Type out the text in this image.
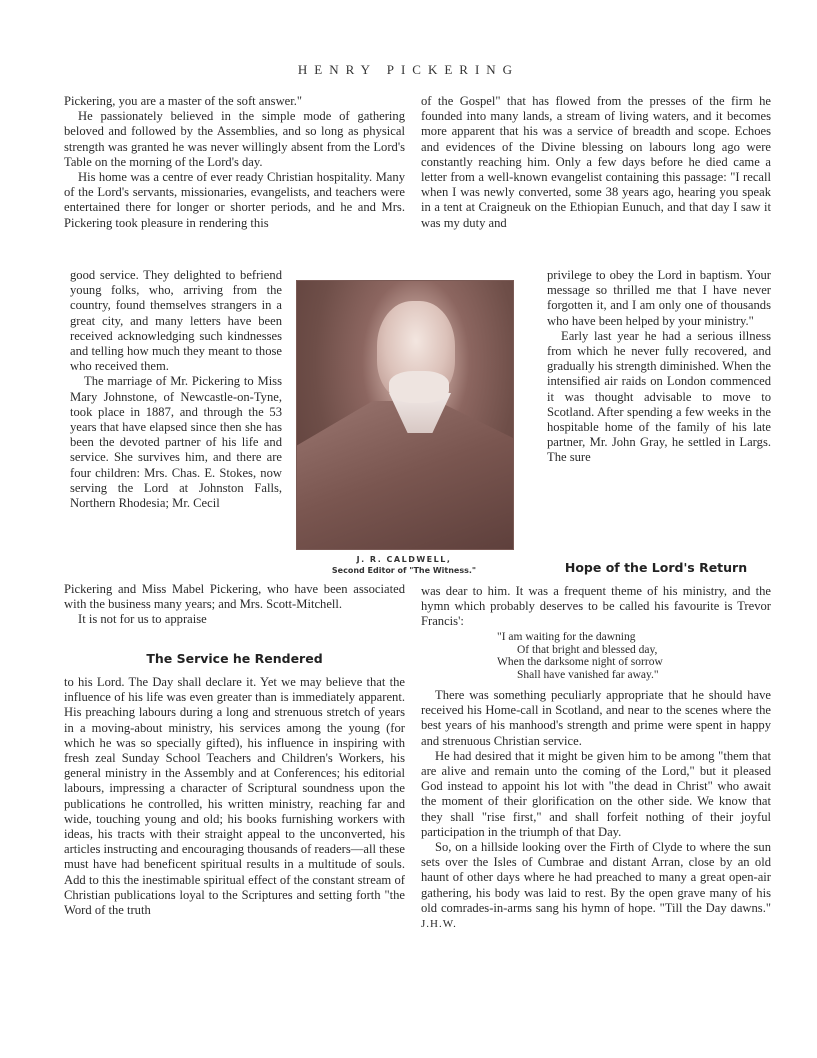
HENRY PICKERING

Pickering, you are a master of the soft answer."

He passionately believed in the simple mode of gathering beloved and followed by the Assemblies, and so long as physical strength was granted he was never willingly absent from the Lord's Table on the morning of the Lord's day.

His home was a centre of ever ready Christian hospitality. Many of the Lord's servants, missionaries, evangelists, and teachers were entertained there for longer or shorter periods, and he and Mrs. Pickering took pleasure in rendering this

good service. They delighted to befriend young folks, who, arriving from the country, found themselves strangers in a great city, and many letters have been received acknowledging such kindnesses and telling how much they meant to those who received them.

The marriage of Mr. Pickering to Miss Mary Johnstone, of Newcastle-on-Tyne, took place in 1887, and through the 53 years that have elapsed since then she has been the devoted partner of his life and service. She survives him, and there are four children: Mrs. Chas. E. Stokes, now serving the Lord at Johnston Falls, Northern Rhodesia; Mr. Cecil

Pickering and Miss Mabel Pickering, who have been associated with the business many years; and Mrs. Scott-Mitchell.

It is not for us to appraise

The Service he Rendered

to his Lord. The Day shall declare it. Yet we may believe that the influence of his life was even greater than is immediately apparent. His preaching labours during a long and strenuous stretch of years in a moving-about ministry, his services among the young (for which he was so specially gifted), his influence in inspiring with fresh zeal Sunday School Teachers and Children's Workers, his general ministry in the Assembly and at Conferences; his editorial labours, impressing a character of Scriptural soundness upon the publications he controlled, his written ministry, reaching far and wide, touching young and old; his books furnishing workers with ideas, his tracts with their straight appeal to the unconverted, his articles instructing and encouraging thousands of readers—all these must have had beneficent spiritual results in a multitude of souls. Add to this the inestimable spiritual effect of the constant stream of Christian publications loyal to the Scriptures and setting forth "the Word of the truth

J. R. CALDWELL,
Second Editor of "The Witness."

of the Gospel" that has flowed from the presses of the firm he founded into many lands, a stream of living waters, and it becomes more apparent that his was a service of breadth and scope. Echoes and evidences of the Divine blessing on labours long ago were constantly reaching him. Only a few days before he died came a letter from a well-known evangelist containing this passage: "I recall when I was newly converted, some 38 years ago, hearing you speak in a tent at Craigneuk on the Ethiopian Eunuch, and that day I saw it was my duty and

privilege to obey the Lord in baptism. Your message so thrilled me that I have never forgotten it, and I am only one of thousands who have been helped by your ministry."

Early last year he had a serious illness from which he never fully recovered, and gradually his strength diminished. When the intensified air raids on London commenced it was thought advisable to move to Scotland. After spending a few weeks in the hospitable home of the family of his late partner, Mr. John Gray, he settled in Largs. The sure

Hope of the Lord's Return

was dear to him. It was a frequent theme of his ministry, and the hymn which probably deserves to be called his favourite is Trevor Francis':

"I am waiting for the dawning
Of that bright and blessed day,
When the darksome night of sorrow
Shall have vanished far away."

There was something peculiarly appropriate that he should have received his Home-call in Scotland, and near to the scenes where the best years of his manhood's strength and prime were spent in happy and strenuous Christian service.

He had desired that it might be given him to be among "them that are alive and remain unto the coming of the Lord," but it pleased God instead to appoint his lot with "the dead in Christ" who await the moment of their glorification on the other side. We know that they shall "rise first," and shall forfeit nothing of their joyful participation in the triumph of that Day.

So, on a hillside looking over the Firth of Clyde to where the sun sets over the Isles of Cumbrae and distant Arran, close by an old haunt of other days where he had preached to many a great open-air gathering, his body was laid to rest. By the open grave many of his old comrades-in-arms sang his hymn of hope. "Till the Day dawns." J.H.W.
